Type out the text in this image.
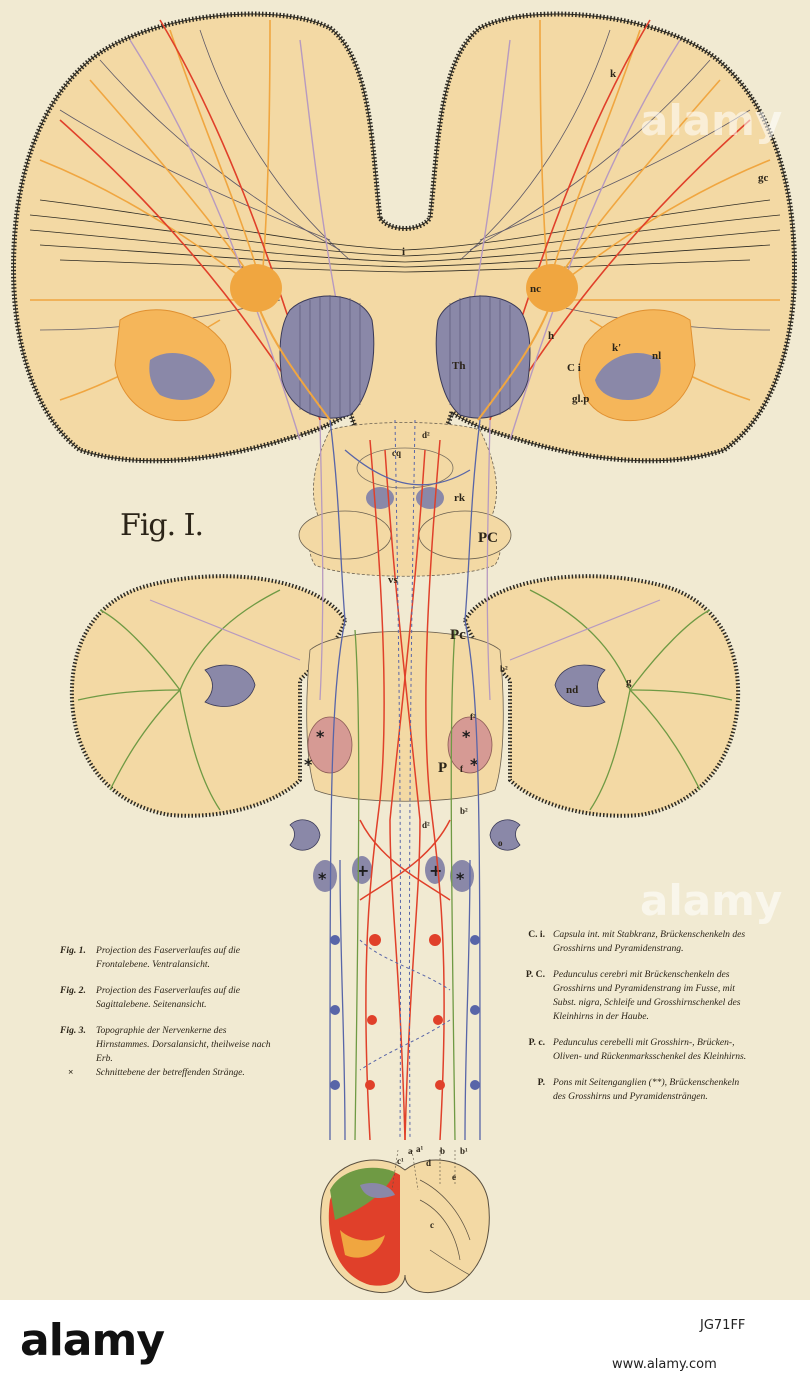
*
*
*
*
*	*
+	+
k
gc
i
nc
h
k'
nl
C i
gl.p
Th
cq
d²
rk
PC
vs
Pc
b²
nd
g
f²
f
P
b²
o
d²
a a¹
c¹ d
b b¹
e
c
Fig. I.
Fig. 1.	Projection des Faserverlaufes auf die Frontalebene. Ventralansicht.
Fig. 2.	Projection des Faserverlaufes auf die Sagittalebene. Seitenansicht.
Fig. 3.	Topographie der Nervenkerne des Hirnstammes. Dorsalansicht, theilweise nach Erb.
×	Schnittebene der betreffenden Stränge.
C. i. Capsula int. mit Stabkranz, Brückenschenkeln des Grosshirns und Pyramidenstrang.
P. C. Pedunculus cerebri mit Brückenschenkeln des Grosshirns und Pyramidenstrang im Fusse, mit Subst. nigra, Schleife und Grosshirnschenkel des Kleinhirns in der Haube.
P. c. Pedunculus cerebelli mit Grosshirn-, Brücken-, Oliven- und Rückenmarksschenkel des Kleinhirns.
P. Pons mit Seitenganglien (**), Brückenschenkeln des Grosshirns und Pyramidensträngen.
alamy
alamy
alamy	JG71FF
www.alamy.com
